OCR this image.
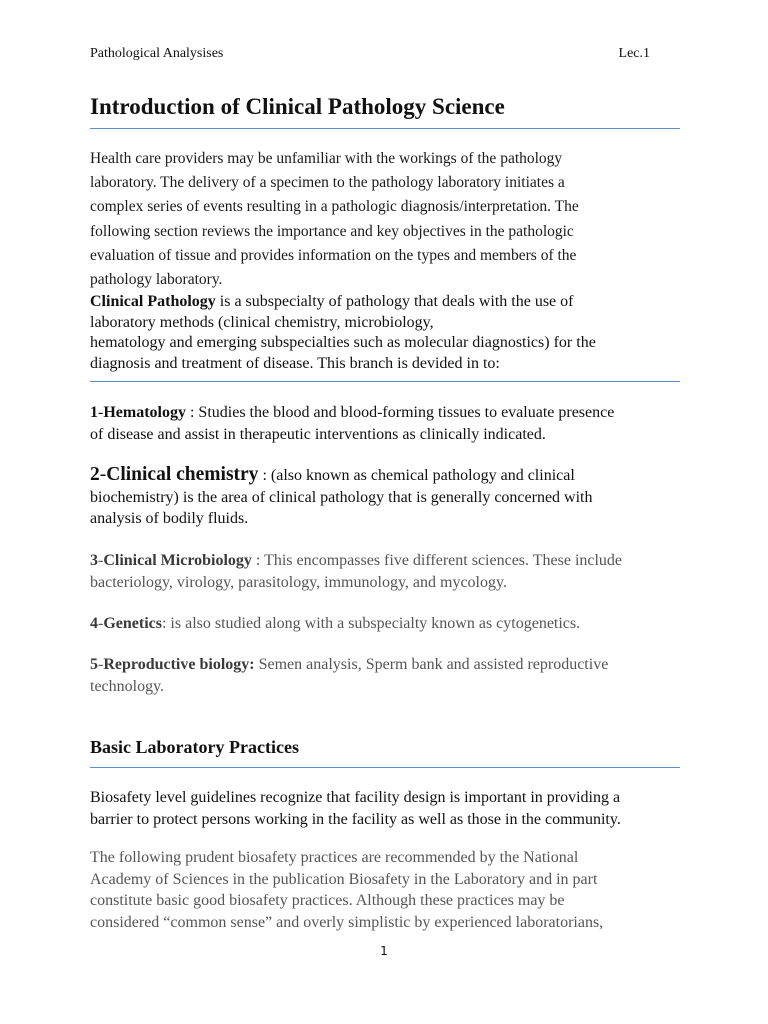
Pathological Analysises	Lec.1
Introduction of Clinical Pathology Science

Health care providers may be unfamiliar with the workings of the pathology
laboratory. The delivery of a specimen to the pathology laboratory initiates a
complex series of events resulting in a pathologic diagnosis/interpretation. The
following section reviews the importance and key objectives in the pathologic
evaluation of tissue and provides information on the types and members of the
pathology laboratory.

Clinical Pathology is a subspecialty of pathology that deals with the use of
laboratory methods (clinical chemistry, microbiology,
hematology and emerging subspecialties such as molecular diagnostics) for the
diagnosis and treatment of disease. This branch is devided in to:

1-Hematology : Studies the blood and blood-forming tissues to evaluate presence
of disease and assist in therapeutic interventions as clinically indicated.

2-Clinical chemistry : (also known as chemical pathology and clinical
biochemistry) is the area of clinical pathology that is generally concerned with
analysis of bodily fluids.

3-Clinical Microbiology : This encompasses five different sciences. These include
bacteriology, virology, parasitology, immunology, and mycology.

4-Genetics: is also studied along with a subspecialty known as cytogenetics.

5-Reproductive biology: Semen analysis, Sperm bank and assisted reproductive
technology.

Basic Laboratory Practices

Biosafety level guidelines recognize that facility design is important in providing a
barrier to protect persons working in the facility as well as those in the community.

The following prudent biosafety practices are recommended by the National
Academy of Sciences in the publication Biosafety in the Laboratory and in part
constitute basic good biosafety practices. Although these practices may be
considered “common sense” and overly simplistic by experienced laboratorians,

1
